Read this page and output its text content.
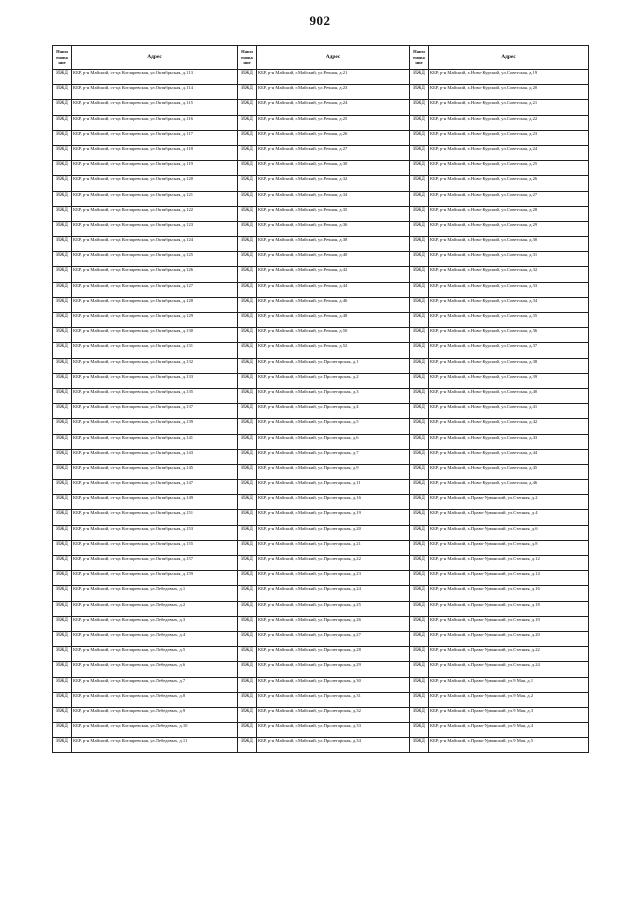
902
Наим енова ние	Адрес	Наим енова ние	Адрес	Наим енова ние	Адрес
ИЖД	КБР, р-н Майский, ст-ца Котляревская, ул.Октябрьская, д.113	ИЖД	КБР, р-н Майский, г.Майский, ул.Речная, д.21	ИЖД	КБР, р-н Майский, х.Ново-Курский, ул.Советская, д.19
ИЖД	КБР, р-н Майский, ст-ца Котляревская, ул.Октябрьская, д.114	ИЖД	КБР, р-н Майский, г.Майский, ул.Речная, д.23	ИЖД	КБР, р-н Майский, х.Ново-Курский, ул.Советская, д.20
ИЖД	КБР, р-н Майский, ст-ца Котляревская, ул.Октябрьская, д.115	ИЖД	КБР, р-н Майский, г.Майский, ул.Речная, д.24	ИЖД	КБР, р-н Майский, х.Ново-Курский, ул.Советская, д.21
ИЖД	КБР, р-н Майский, ст-ца Котляревская, ул.Октябрьская, д.116	ИЖД	КБР, р-н Майский, г.Майский, ул.Речная, д.25	ИЖД	КБР, р-н Майский, х.Ново-Курский, ул.Советская, д.22
ИЖД	КБР, р-н Майский, ст-ца Котляревская, ул.Октябрьская, д.117	ИЖД	КБР, р-н Майский, г.Майский, ул.Речная, д.26	ИЖД	КБР, р-н Майский, х.Ново-Курский, ул.Советская, д.23
ИЖД	КБР, р-н Майский, ст-ца Котляревская, ул.Октябрьская, д.118	ИЖД	КБР, р-н Майский, г.Майский, ул.Речная, д.27	ИЖД	КБР, р-н Майский, х.Ново-Курский, ул.Советская, д.24
ИЖД	КБР, р-н Майский, ст-ца Котляревская, ул.Октябрьская, д.119	ИЖД	КБР, р-н Майский, г.Майский, ул.Речная, д.30	ИЖД	КБР, р-н Майский, х.Ново-Курский, ул.Советская, д.25
ИЖД	КБР, р-н Майский, ст-ца Котляревская, ул.Октябрьская, д.120	ИЖД	КБР, р-н Майский, г.Майский, ул.Речная, д.32	ИЖД	КБР, р-н Майский, х.Ново-Курский, ул.Советская, д.26
ИЖД	КБР, р-н Майский, ст-ца Котляревская, ул.Октябрьская, д.121	ИЖД	КБР, р-н Майский, г.Майский, ул.Речная, д.34	ИЖД	КБР, р-н Майский, х.Ново-Курский, ул.Советская, д.27
ИЖД	КБР, р-н Майский, ст-ца Котляревская, ул.Октябрьская, д.122	ИЖД	КБР, р-н Майский, г.Майский, ул.Речная, д.35	ИЖД	КБР, р-н Майский, х.Ново-Курский, ул.Советская, д.28
ИЖД	КБР, р-н Майский, ст-ца Котляревская, ул.Октябрьская, д.123	ИЖД	КБР, р-н Майский, г.Майский, ул.Речная, д.36	ИЖД	КБР, р-н Майский, х.Ново-Курский, ул.Советская, д.29
ИЖД	КБР, р-н Майский, ст-ца Котляревская, ул.Октябрьская, д.124	ИЖД	КБР, р-н Майский, г.Майский, ул.Речная, д.38	ИЖД	КБР, р-н Майский, х.Ново-Курский, ул.Советская, д.30
ИЖД	КБР, р-н Майский, ст-ца Котляревская, ул.Октябрьская, д.125	ИЖД	КБР, р-н Майский, г.Майский, ул.Речная, д.40	ИЖД	КБР, р-н Майский, х.Ново-Курский, ул.Советская, д.31
ИЖД	КБР, р-н Майский, ст-ца Котляревская, ул.Октябрьская, д.126	ИЖД	КБР, р-н Майский, г.Майский, ул.Речная, д.42	ИЖД	КБР, р-н Майский, х.Ново-Курский, ул.Советская, д.32
ИЖД	КБР, р-н Майский, ст-ца Котляревская, ул.Октябрьская, д.127	ИЖД	КБР, р-н Майский, г.Майский, ул.Речная, д.44	ИЖД	КБР, р-н Майский, х.Ново-Курский, ул.Советская, д.33
ИЖД	КБР, р-н Майский, ст-ца Котляревская, ул.Октябрьская, д.128	ИЖД	КБР, р-н Майский, г.Майский, ул.Речная, д.46	ИЖД	КБР, р-н Майский, х.Ново-Курский, ул.Советская, д.34
ИЖД	КБР, р-н Майский, ст-ца Котляревская, ул.Октябрьская, д.129	ИЖД	КБР, р-н Майский, г.Майский, ул.Речная, д.48	ИЖД	КБР, р-н Майский, х.Ново-Курский, ул.Советская, д.35
ИЖД	КБР, р-н Майский, ст-ца Котляревская, ул.Октябрьская, д.130	ИЖД	КБР, р-н Майский, г.Майский, ул.Речная, д.50	ИЖД	КБР, р-н Майский, х.Ново-Курский, ул.Советская, д.36
ИЖД	КБР, р-н Майский, ст-ца Котляревская, ул.Октябрьская, д.131	ИЖД	КБР, р-н Майский, г.Майский, ул.Речная, д.52	ИЖД	КБР, р-н Майский, х.Ново-Курский, ул.Советская, д.37
ИЖД	КБР, р-н Майский, ст-ца Котляревская, ул.Октябрьская, д.132	ИЖД	КБР, р-н Майский, г.Майский, ул.Пролетарская, д.1	ИЖД	КБР, р-н Майский, х.Ново-Курский, ул.Советская, д.38
ИЖД	КБР, р-н Майский, ст-ца Котляревская, ул.Октябрьская, д.133	ИЖД	КБР, р-н Майский, г.Майский, ул.Пролетарская, д.2	ИЖД	КБР, р-н Майский, х.Ново-Курский, ул.Советская, д.39
ИЖД	КБР, р-н Майский, ст-ца Котляревская, ул.Октябрьская, д.135	ИЖД	КБР, р-н Майский, г.Майский, ул.Пролетарская, д.3	ИЖД	КБР, р-н Майский, х.Ново-Курский, ул.Советская, д.40
ИЖД	КБР, р-н Майский, ст-ца Котляревская, ул.Октябрьская, д.137	ИЖД	КБР, р-н Майский, г.Майский, ул.Пролетарская, д.4	ИЖД	КБР, р-н Майский, х.Ново-Курский, ул.Советская, д.41
ИЖД	КБР, р-н Майский, ст-ца Котляревская, ул.Октябрьская, д.139	ИЖД	КБР, р-н Майский, г.Майский, ул.Пролетарская, д.5	ИЖД	КБР, р-н Майский, х.Ново-Курский, ул.Советская, д.42
ИЖД	КБР, р-н Майский, ст-ца Котляревская, ул.Октябрьская, д.141	ИЖД	КБР, р-н Майский, г.Майский, ул.Пролетарская, д.6	ИЖД	КБР, р-н Майский, х.Ново-Курский, ул.Советская, д.43
ИЖД	КБР, р-н Майский, ст-ца Котляревская, ул.Октябрьская, д.143	ИЖД	КБР, р-н Майский, г.Майский, ул.Пролетарская, д.7	ИЖД	КБР, р-н Майский, х.Ново-Курский, ул.Советская, д.44
ИЖД	КБР, р-н Майский, ст-ца Котляревская, ул.Октябрьская, д.145	ИЖД	КБР, р-н Майский, г.Майский, ул.Пролетарская, д.9	ИЖД	КБР, р-н Майский, х.Ново-Курский, ул.Советская, д.45
ИЖД	КБР, р-н Майский, ст-ца Котляревская, ул.Октябрьская, д.147	ИЖД	КБР, р-н Майский, г.Майский, ул.Пролетарская, д.11	ИЖД	КБР, р-н Майский, х.Ново-Курский, ул.Советская, д.46
ИЖД	КБР, р-н Майский, ст-ца Котляревская, ул.Октябрьская, д.149	ИЖД	КБР, р-н Майский, г.Майский, ул.Пролетарская, д.16	ИЖД	КБР, р-н Майский, х.Право-Урванский, ул.Степная, д.2
ИЖД	КБР, р-н Майский, ст-ца Котляревская, ул.Октябрьская, д.151	ИЖД	КБР, р-н Майский, г.Майский, ул.Пролетарская, д.19	ИЖД	КБР, р-н Майский, х.Право-Урванский, ул.Степная, д.4
ИЖД	КБР, р-н Майский, ст-ца Котляревская, ул.Октябрьская, д.153	ИЖД	КБР, р-н Майский, г.Майский, ул.Пролетарская, д.20	ИЖД	КБР, р-н Майский, х.Право-Урванский, ул.Степная, д.6
ИЖД	КБР, р-н Майский, ст-ца Котляревская, ул.Октябрьская, д.155	ИЖД	КБР, р-н Майский, г.Майский, ул.Пролетарская, д.21	ИЖД	КБР, р-н Майский, х.Право-Урванский, ул.Степная, д.8
ИЖД	КБР, р-н Майский, ст-ца Котляревская, ул.Октябрьская, д.157	ИЖД	КБР, р-н Майский, г.Майский, ул.Пролетарская, д.22	ИЖД	КБР, р-н Майский, х.Право-Урванский, ул.Степная, д.12
ИЖД	КБР, р-н Майский, ст-ца Котляревская, ул.Октябрьская, д.159	ИЖД	КБР, р-н Майский, г.Майский, ул.Пролетарская, д.23	ИЖД	КБР, р-н Майский, х.Право-Урванский, ул.Степная, д.14
ИЖД	КБР, р-н Майский, ст-ца Котляревская, ул.Лебедевых, д.1	ИЖД	КБР, р-н Майский, г.Майский, ул.Пролетарская, д.24	ИЖД	КБР, р-н Майский, х.Право-Урванский, ул.Степная, д.16
ИЖД	КБР, р-н Майский, ст-ца Котляревская, ул.Лебедевых, д.2	ИЖД	КБР, р-н Майский, г.Майский, ул.Пролетарская, д.25	ИЖД	КБР, р-н Майский, х.Право-Урванский, ул.Степная, д.18
ИЖД	КБР, р-н Майский, ст-ца Котляревская, ул.Лебедевых, д.3	ИЖД	КБР, р-н Майский, г.Майский, ул.Пролетарская, д.26	ИЖД	КБР, р-н Майский, х.Право-Урванский, ул.Степная, д.19
ИЖД	КБР, р-н Майский, ст-ца Котляревская, ул.Лебедевых, д.4	ИЖД	КБР, р-н Майский, г.Майский, ул.Пролетарская, д.27	ИЖД	КБР, р-н Майский, х.Право-Урванский, ул.Степная, д.20
ИЖД	КБР, р-н Майский, ст-ца Котляревская, ул.Лебедевых, д.5	ИЖД	КБР, р-н Майский, г.Майский, ул.Пролетарская, д.28	ИЖД	КБР, р-н Майский, х.Право-Урванский, ул.Степная, д.22
ИЖД	КБР, р-н Майский, ст-ца Котляревская, ул.Лебедевых, д.6	ИЖД	КБР, р-н Майский, г.Майский, ул.Пролетарская, д.29	ИЖД	КБР, р-н Майский, х.Право-Урванский, ул.Степная, д.24
ИЖД	КБР, р-н Майский, ст-ца Котляревская, ул.Лебедевых, д.7	ИЖД	КБР, р-н Майский, г.Майский, ул.Пролетарская, д.30	ИЖД	КБР, р-н Майский, х.Право-Урванский, ул.9 Мая, д.1
ИЖД	КБР, р-н Майский, ст-ца Котляревская, ул.Лебедевых, д.8	ИЖД	КБР, р-н Майский, г.Майский, ул.Пролетарская, д.31	ИЖД	КБР, р-н Майский, х.Право-Урванский, ул.9 Мая, д.2
ИЖД	КБР, р-н Майский, ст-ца Котляревская, ул.Лебедевых, д.9	ИЖД	КБР, р-н Майский, г.Майский, ул.Пролетарская, д.32	ИЖД	КБР, р-н Майский, х.Право-Урванский, ул.9 Мая, д.3
ИЖД	КБР, р-н Майский, ст-ца Котляревская, ул.Лебедевых, д.10	ИЖД	КБР, р-н Майский, г.Майский, ул.Пролетарская, д.33	ИЖД	КБР, р-н Майский, х.Право-Урванский, ул.9 Мая, д.4
ИЖД	КБР, р-н Майский, ст-ца Котляревская, ул.Лебедевых, д.11	ИЖД	КБР, р-н Майский, г.Майский, ул.Пролетарская, д.34	ИЖД	КБР, р-н Майский, х.Право-Урванский, ул.9 Мая, д.5
